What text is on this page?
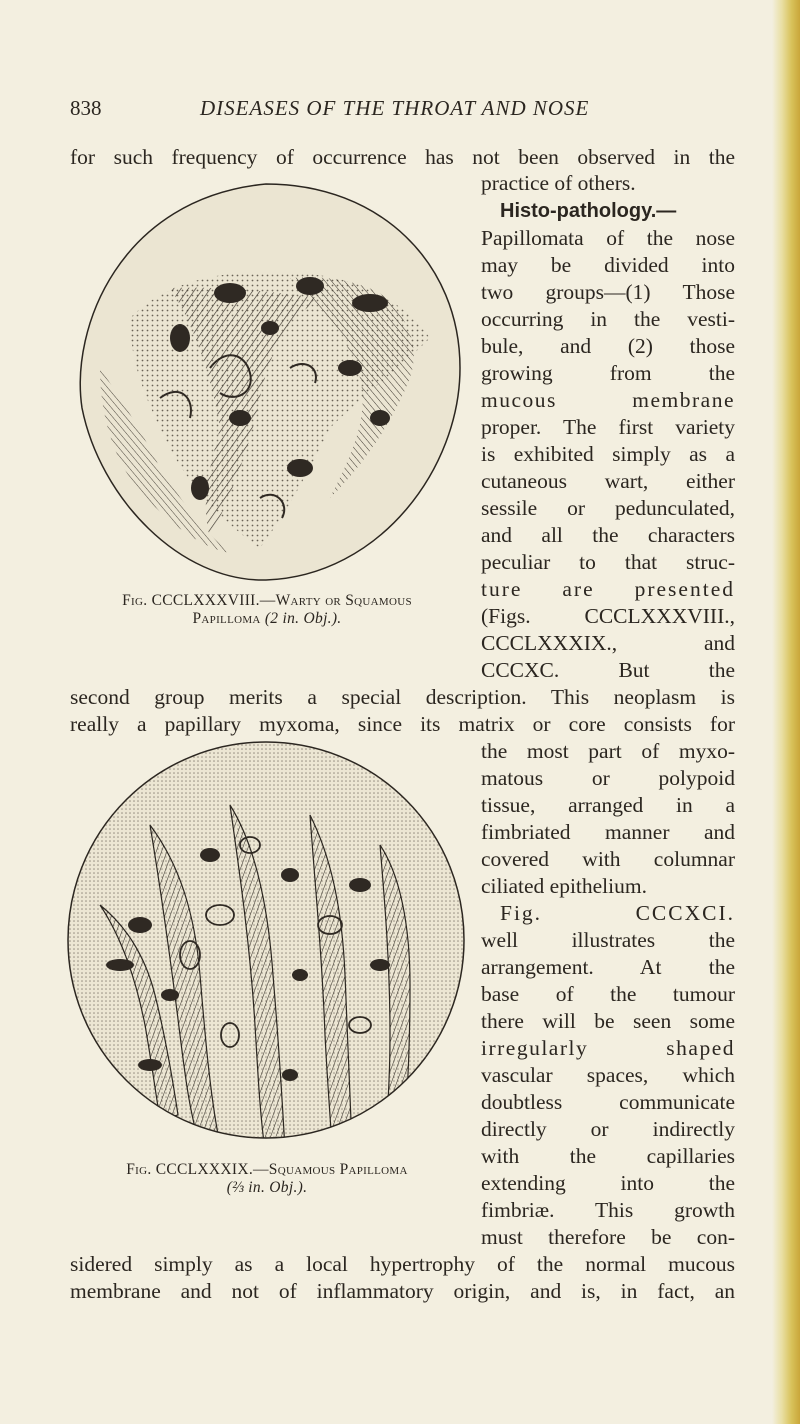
838	DISEASES OF THE THROAT AND NOSE
for such frequency of occurrence has not been observed in the
practice of others.
Histo-pathology.—
Papillomata of the nose
may be divided into
two groups—(1) Those
occurring in the vesti-
bule, and (2) those
growing from the
mucous membrane
proper. The first variety
is exhibited simply as a
cutaneous wart, either
sessile or pedunculated,
and all the characters
peculiar to that struc-
ture are presented
(Figs. CCCLXXXVIII.,
CCCLXXXIX., and
CCCXC. But the
second group merits a special description. This neoplasm is
really a papillary myxoma, since its matrix or core consists for
the most part of myxo-
matous or polypoid
tissue, arranged in a
fimbriated manner and
covered with columnar
ciliated epithelium.
Fig. CCCXCI.
well illustrates the
arrangement. At the
base of the tumour
there will be seen some
irregularly shaped
vascular spaces, which
doubtless communicate
directly or indirectly
with the capillaries
extending into the
fimbriæ. This growth
must therefore be con-
sidered simply as a local hypertrophy of the normal mucous
membrane and not of inflammatory origin, and is, in fact, an
Fig. CCCLXXXVIII.—Warty or Squamous
Papilloma (2 in. Obj.).
Fig. CCCLXXXIX.—Squamous Papilloma
(⅔ in. Obj.).
